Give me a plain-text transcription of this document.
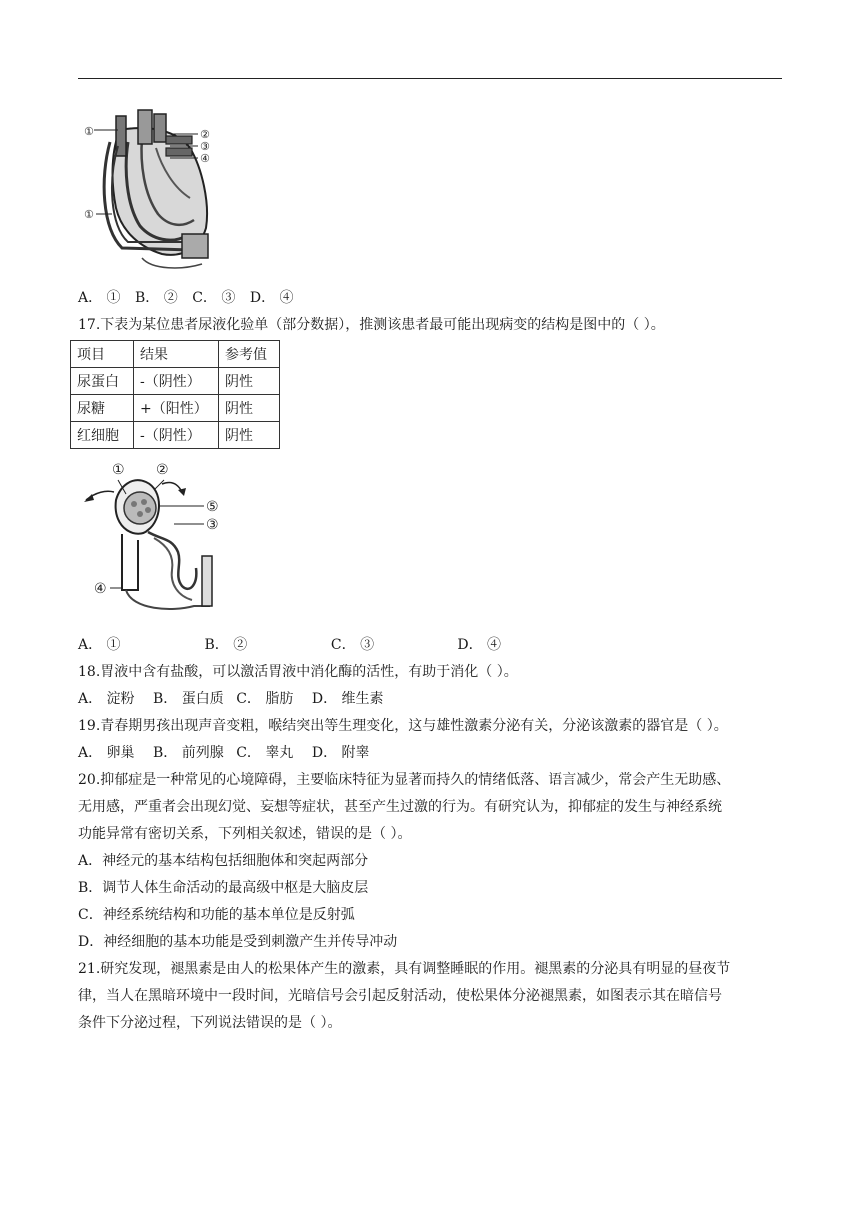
①	②
③
④
①
A． ① B． ② C． ③ D． ④
17.下表为某位患者尿液化验单（部分数据），推测该患者最可能出现病变的结构是图中的（ ）。
项目	结果	参考值
尿蛋白	-（阴性）	阴性
尿糖	+（阳性）	阴性
红细胞	-（阴性）	阴性
① ②
⑤
③
④
A． ①	B． ②	C． ③	D． ④
18.胃液中含有盐酸，可以激活胃液中消化酶的活性，有助于消化（ ）。
A． 淀粉 B． 蛋白质 C． 脂肪 D． 维生素
19.青春期男孩出现声音变粗，喉结突出等生理变化，这与雄性激素分泌有关，分泌该激素的器官是（ ）。
A． 卵巢 B． 前列腺 C． 睾丸 D． 附睾
20.抑郁症是一种常见的心境障碍，主要临床特征为显著而持久的情绪低落、语言减少，常会产生无助感、
无用感，严重者会出现幻觉、妄想等症状，甚至产生过激的行为。有研究认为，抑郁症的发生与神经系统
功能异常有密切关系，下列相关叙述，错误的是（ ）。
A．神经元的基本结构包括细胞体和突起两部分
B．调节人体生命活动的最高级中枢是大脑皮层
C．神经系统结构和功能的基本单位是反射弧
D．神经细胞的基本功能是受到刺激产生并传导冲动
21.研究发现，褪黑素是由人的松果体产生的激素，具有调整睡眠的作用。褪黑素的分泌具有明显的昼夜节
律，当人在黑暗环境中一段时间，光暗信号会引起反射活动，使松果体分泌褪黑素，如图表示其在暗信号
条件下分泌过程，下列说法错误的是（ ）。
